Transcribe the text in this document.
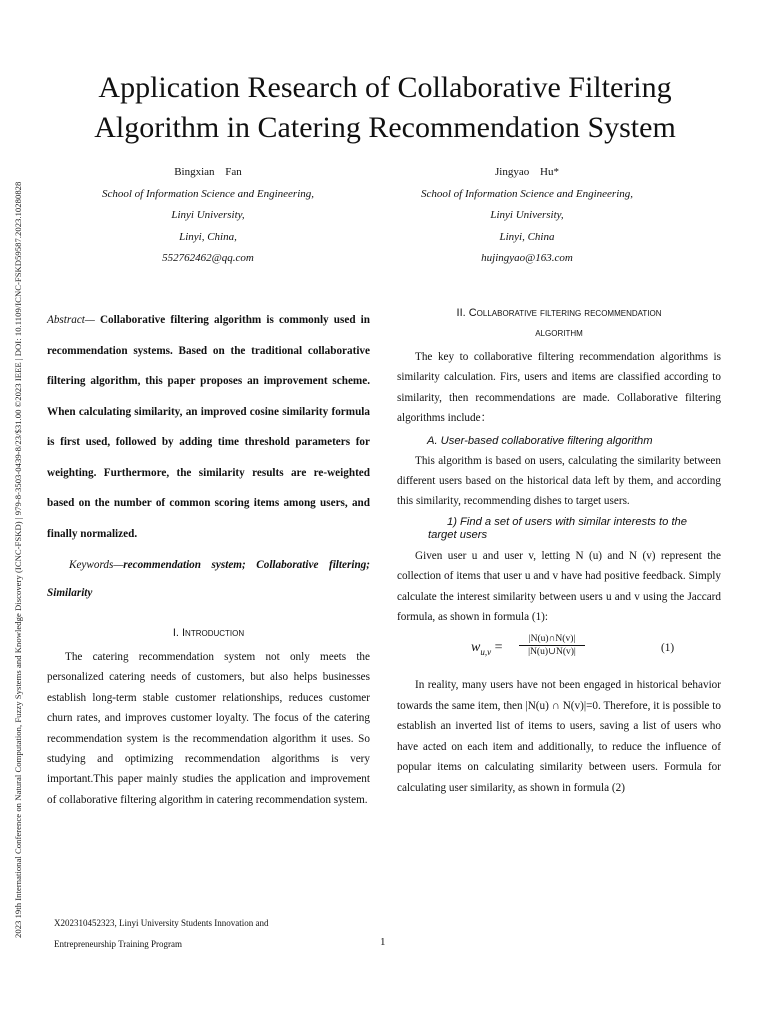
2023 19th International Conference on Natural Computation, Fuzzy Systems and Knowledge Discovery (ICNC-FSKD) | 979-8-3503-0439-8/23/$31.00 ©2023 IEEE | DOI: 10.1109/ICNC-FSKD59587.2023.10280828
Application Research of Collaborative Filtering
Algorithm in Catering Recommendation System
Bingxian Fan
School of Information Science and Engineering,
Linyi University,
Linyi, China,
552762462@qq.com
Jingyao Hu*
School of Information Science and Engineering,
Linyi University,
Linyi, China
hujingyao@163.com

Abstract— Collaborative filtering algorithm is commonly used in recommendation systems. Based on the traditional collaborative filtering algorithm, this paper proposes an improvement scheme. When calculating similarity, an improved cosine similarity formula is first used, followed by adding time threshold parameters for weighting. Furthermore, the similarity results are re-weighted based on the number of common scoring items among users, and finally normalized.

Keywords—recommendation system; Collaborative filtering; Similarity

I. Introduction

The catering recommendation system not only meets the personalized catering needs of customers, but also helps businesses establish long-term stable customer relationships, reduces customer churn rates, and improves customer loyalty. The focus of the catering recommendation system is the recommendation algorithm it uses. So studying and optimizing recommendation algorithms is very important.This paper mainly studies the application and improvement of collaborative filtering algorithm in catering recommendation system.

II. Collaborative filtering recommendation
algorithm

The key to collaborative filtering recommendation algorithms is similarity calculation. Firs, users and items are classified according to similarity, then recommendations are made. Collaborative filtering algorithms include：

A. User-based collaborative filtering algorithm

This algorithm is based on users, calculating the similarity between different users based on the historical data left by them, and according this similarity, recommending dishes to target users.

1) Find a set of users with similar interests to the
target users

Given user u and user v, letting N (u) and N (v) represent the collection of items that user u and v have had positive feedback. Simply calculate the interest similarity between users u and v using the Jaccard formula, as shown in formula (1):

$w_{u,v} = \frac{|N(u)\cap N(v)|}{|N(u)\cup N(v)|}$	(1)

In reality, many users have not been engaged in historical behavior towards the same item, then |N(u) ∩ N(v)|=0. Therefore, it is possible to establish an inverted list of items to users, saving a list of users who have acted on each item and additionally, to reduce the influence of popular items on calculating similarity between users. Formula for calculating user similarity, as shown in formula (2)

X202310452323, Linyi University Students Innovation and
Entrepreneurship Training Program	1
